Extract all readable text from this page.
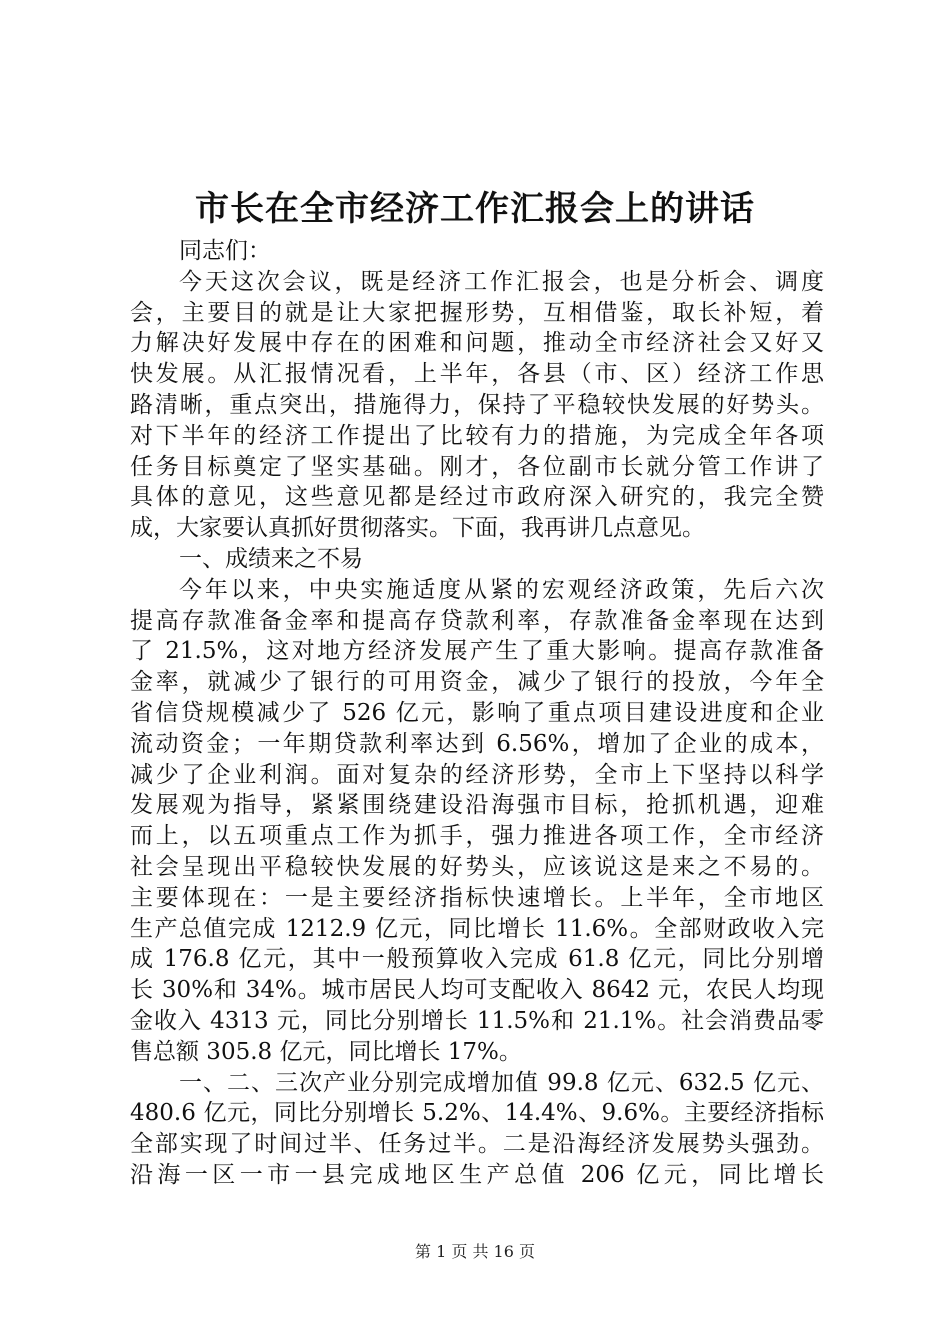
市长在全市经济工作汇报会上的讲话
同志们：
今天这次会议，既是经济工作汇报会，也是分析会、调度
会，主要目的就是让大家把握形势，互相借鉴，取长补短，着
力解决好发展中存在的困难和问题，推动全市经济社会又好又
快发展。从汇报情况看，上半年，各县（市、区）经济工作思
路清晰，重点突出，措施得力，保持了平稳较快发展的好势头。
对下半年的经济工作提出了比较有力的措施，为完成全年各项
任务目标奠定了坚实基础。刚才，各位副市长就分管工作讲了
具体的意见，这些意见都是经过市政府深入研究的，我完全赞
成，大家要认真抓好贯彻落实。下面，我再讲几点意见。
一、成绩来之不易
今年以来，中央实施适度从紧的宏观经济政策，先后六次
提高存款准备金率和提高存贷款利率，存款准备金率现在达到
了 21.5%，这对地方经济发展产生了重大影响。提高存款准备
金率，就减少了银行的可用资金，减少了银行的投放，今年全
省信贷规模减少了 526 亿元，影响了重点项目建设进度和企业
流动资金；一年期贷款利率达到 6.56%，增加了企业的成本，
减少了企业利润。面对复杂的经济形势，全市上下坚持以科学
发展观为指导，紧紧围绕建设沿海强市目标，抢抓机遇，迎难
而上，以五项重点工作为抓手，强力推进各项工作，全市经济
社会呈现出平稳较快发展的好势头，应该说这是来之不易的。
主要体现在：一是主要经济指标快速增长。上半年，全市地区
生产总值完成 1212.9 亿元，同比增长 11.6%。全部财政收入完
成 176.8 亿元，其中一般预算收入完成 61.8 亿元，同比分别增
长 30%和 34%。城市居民人均可支配收入 8642 元，农民人均现
金收入 4313 元，同比分别增长 11.5%和 21.1%。社会消费品零
售总额 305.8 亿元，同比增长 17%。
一、二、三次产业分别完成增加值 99.8 亿元、632.5 亿元、
480.6 亿元，同比分别增长 5.2%、14.4%、9.6%。主要经济指标
全部实现了时间过半、任务过半。二是沿海经济发展势头强劲。
沿海一区一市一县完成地区生产总值 206 亿元，同比增长
第 1 页 共 16 页
